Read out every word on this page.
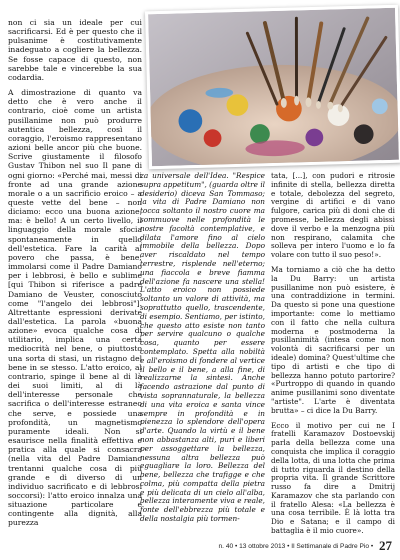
non ci sia un ideale per cui sacrificarsi. Ed è per questo che il pulsanime è costitutivamente inadeguato a cogliere la bellezza. Se fosse capace di questo, non sarebbe tale e vincerebbe la sua codardia.

A dimostrazione di quanto va detto che è vero anche il contrario, cioè come un artista pusillanime non può produrre autentica bellezza, così il coraggio, l'eroismo rappresentano azioni belle ancor più che buone. Scrive giustamente il filosofo Gustav Thibon nel suo Il pane di ogni giorno: «Perché mai, messi di fronte ad una grande azione morale o a un sacrificio eroico – a queste vette del bene – non diciamo: ecco una buona azione, ma: è bello! A un certo livello, il linguaggio della morale sfocia spontaneamente in quello dell'estetica. Fare la carità al povero che passa, è bene; immolarsi come il Padre Damiano per i lebbrosi, è bello e sublime [qui Thibon si riferisce a padre Damiano de Veuster, conosciuto come "l'angelo dei lebbrosi"]. Altrettante espressioni derivate dall'estetica. La parola «buona azione» evoca qualche cosa di utilitario, implica una certa mediocrità nel bene, o piuttosto una sorta di stasi, un ristagno del bene in se stesso. L'atto eroico, al contrario, spinge il bene al di là dei suoi limiti, al di là dell'interesse personale che sacrifica o dell'interesse estraneo che serve, e possiede una profondità, un magnetismo puramente ideali. Non si esaurisce nella finalità effettiva e pratica alla quale si consacra (nella vita del Padre Damiano trentanni qualche cosa di più grande e di diverso di un individuo sacrificato e di lebbrosi soccorsi): l'atto eroico innalza una situazione particolare e contingente alla dignità, alla purezza

za universale dell'Idea. "Respice supra appetitum", (guarda oltre il desiderio) diceva San Tommaso; la vita di Padre Damiano non tocca soltanto il nostro cuore ma sommuove nelle profondità le nostre facoltà contemplative, e dilata l'amore fino al cielo immobile della bellezza. Dopo aver riscaldato nel tempo terrestre, risplende nell'eterno; una fiaccola e breve fiamma dell'azione fa nascere una stella! L'atto eroico non possiede soltanto un valore di attività, ma soprattutto quello, trascendente, di esempio. Sentiamo, per istinto, che questo atto esiste non tanto per servire qualcuno o qualche cosa, quanto per essere contemplato. Spetta alla nobiltà e all'eroismo di fondere al vertice il bello e il bene, a alla fine, di realizzarne la sintesi. Anche facendo astrazione dal punto di vista soprannaturale, la bellezza di una vita eroica e santa vince sempre in profondità e in pienezza lo splendore dell'opera d'arte. Quando la virtù e il bene non abbastanza alti, puri e liberi per assoggettare la bellezza, nessuna altra bellezza può eguagliare la loro. Bellezza del bene, bellezza che trafigge e che colma, più compatta della pietra e più delicata di un cielo all'alba, bellezza interamente viva e reale, fonte dell'ebbrezza più totale e della nostalgia più tormen-

tata, [...], con pudori e ritrosie infinite di stella, bellezza diretta e totale, debolezza del segreto, vergine di artifici e di vano fulgore, carica più di doni che di promesse, bellezza degli abissi dove il verbo e la menzogna più non respirano, calamita che solleva per intero l'uomo e lo fa volare con tutto il suo peso!».

Ma torniamo a ciò che ha detto la Du Barry: un artista pusillanime non può esistere, è una contraddizione in termini. Da questo si pone una questione importante: come lo mettiamo con il fatto che nella cultura moderna e postmoderna la pusillanimità (intesa come non volontà di sacrificarsi per un ideale) domina? Quest'ultime che tipo di artisti e che tipo di bellezza hanno potuto partorire? «Purtroppo di quando in quando anime pusillanimi sono diventate "artiste". L'arte è diventata brutta» – ci dice la Du Barry.

Ecco il motivo per cui ne I fratelli Karamazov Dostoevskij parla della bellezza come una conquista che implica il coraggio della lotta, di una lotta che prima di tutto riguarda il destino della propria vita. Il grande Scrittore russo fa dire a Dmitrij Karamazov che sta parlando con il fratello Alesa: «La bellezza è una cosa terribile. È là lotta tra Dio e Satana; e il campo di battaglia è il mio cuore».

n. 40 • 13 ottobre 2013 • Il Settimanale di Padre Pio • 27
